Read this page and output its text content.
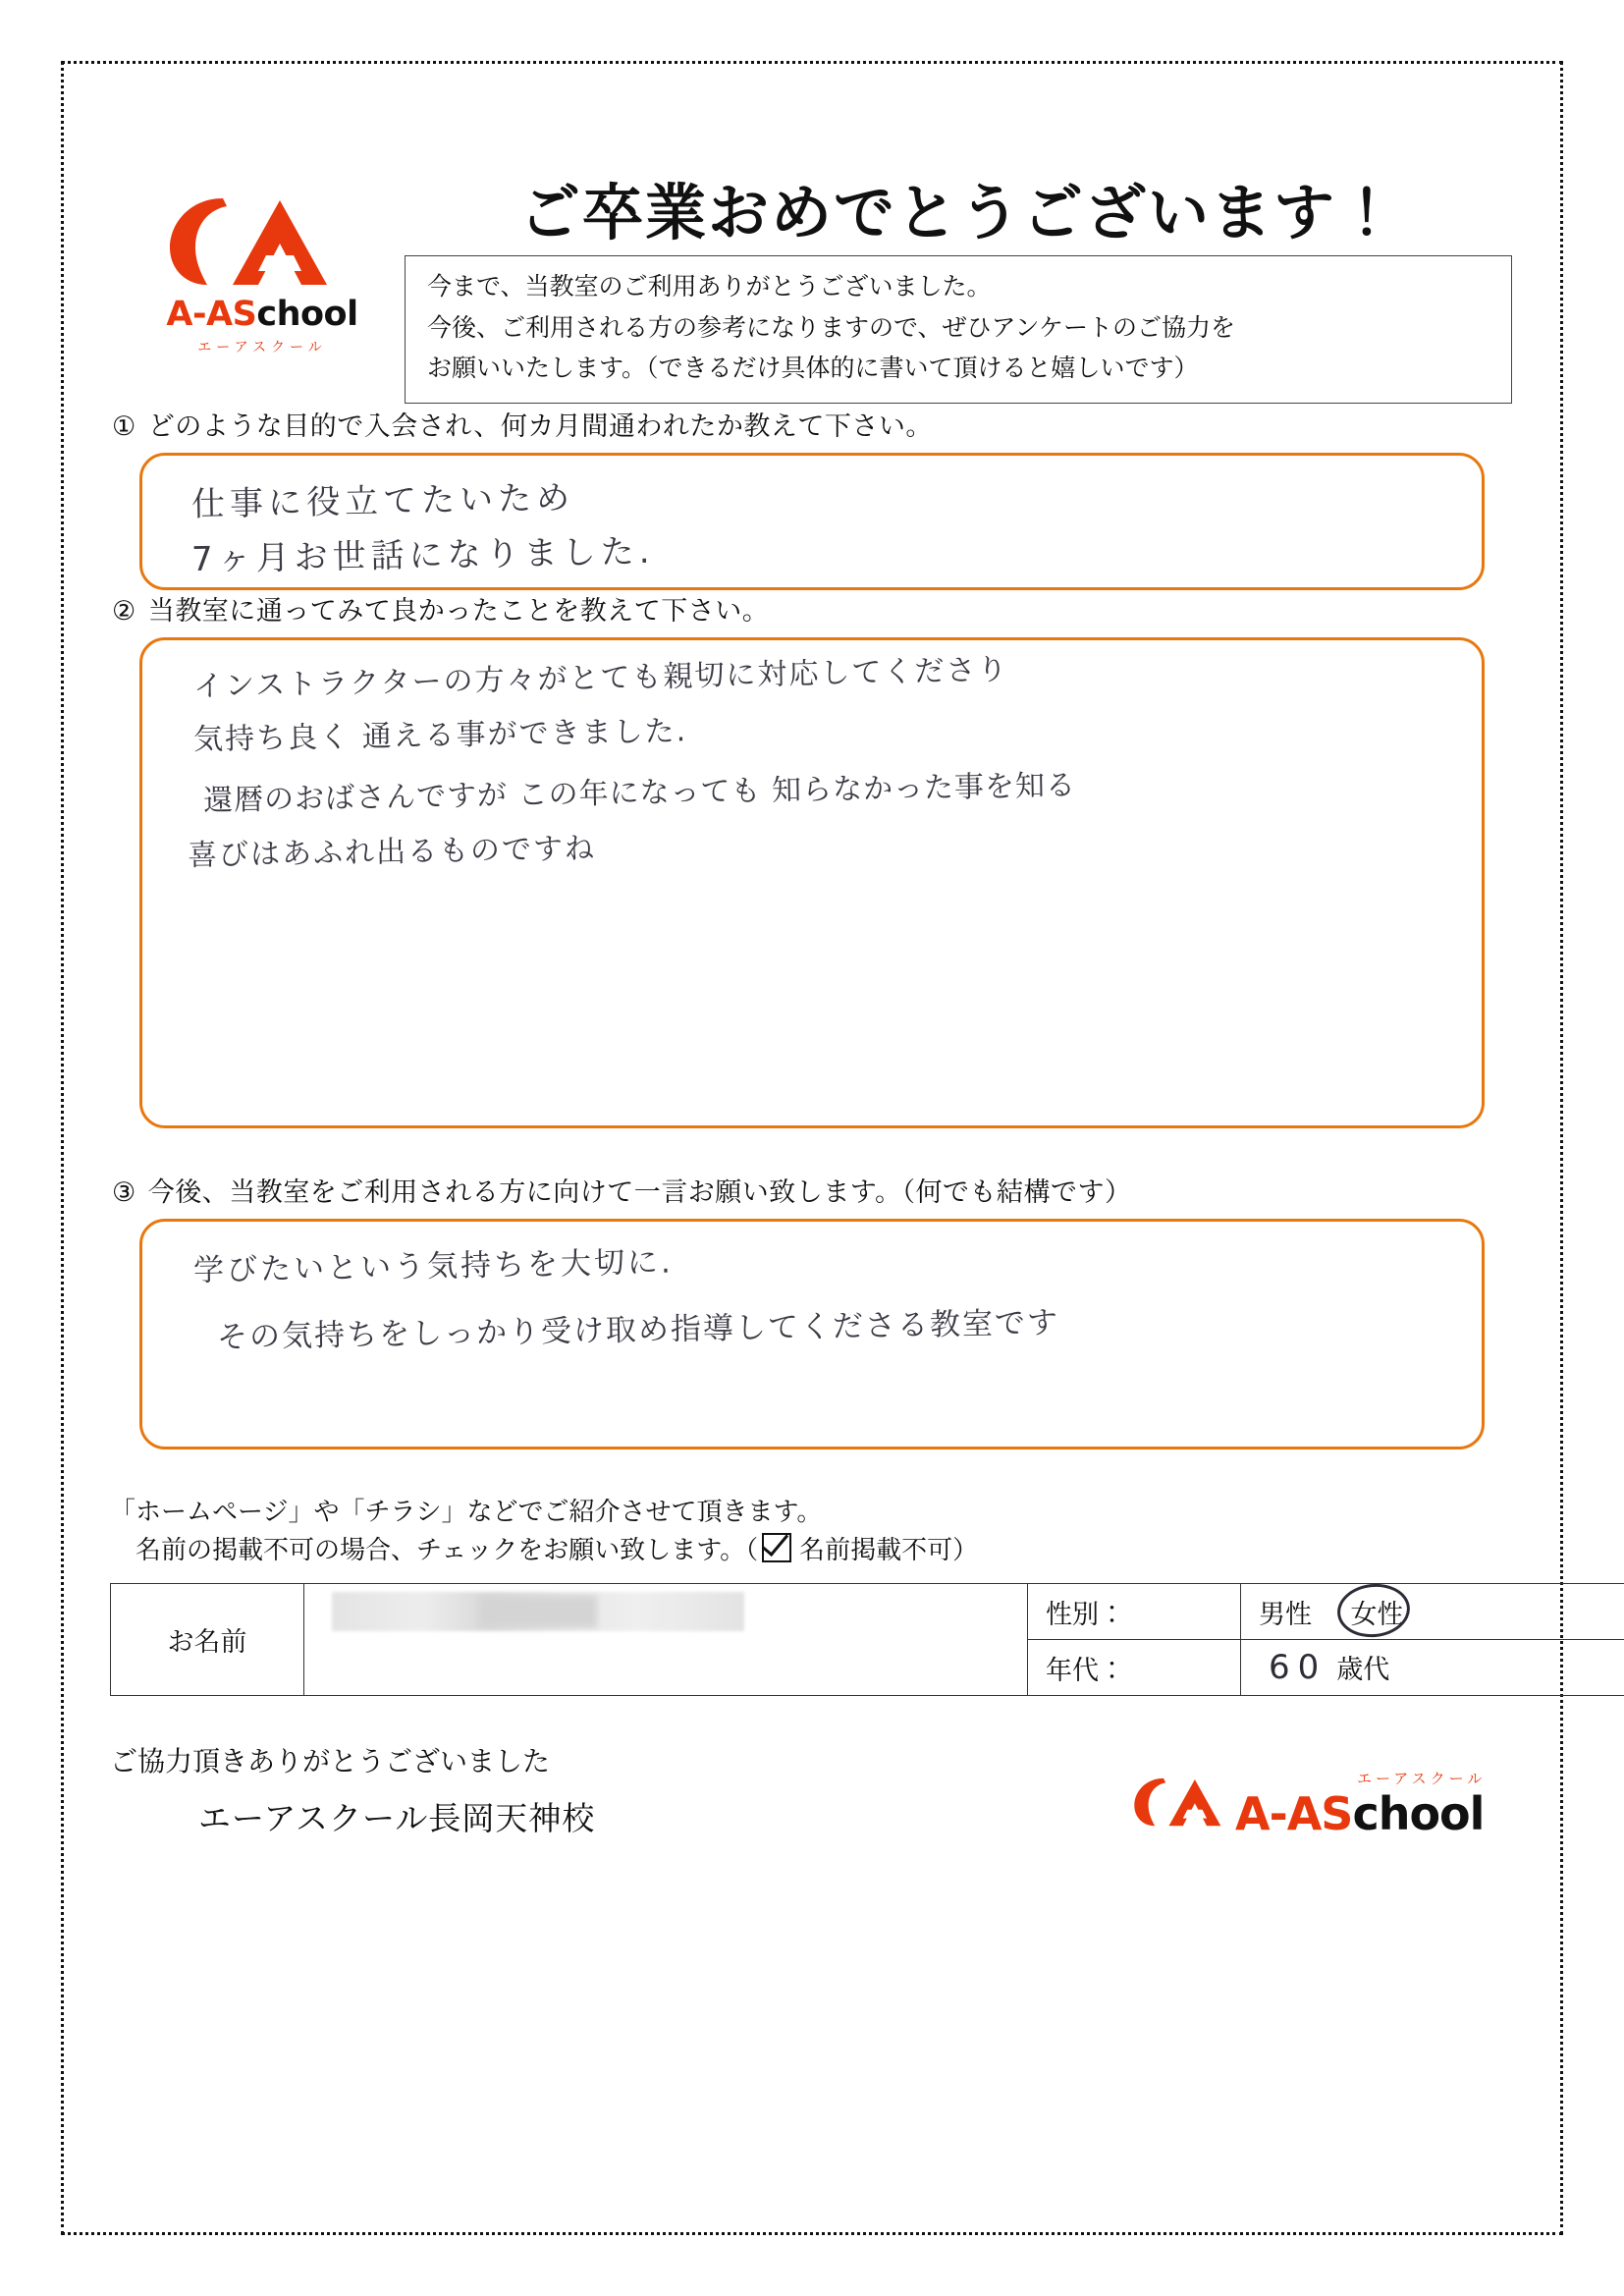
A-ASchool
エーアスクール
ご卒業おめでとうございます！

今まで、当教室のご利用ありがとうございました。

今後、ご利用される方の参考になりますので、ぜひアンケートのご協力を

お願いいたします。（できるだけ具体的に書いて頂けると嬉しいです）

① どのような目的で入会され、何カ月間通われたか教えて下さい。
仕事に役立てたいため
7ヶ月お世話になりました.
② 当教室に通ってみて良かったことを教えて下さい。
インストラクターの方々がとても親切に対応してくださり
気持ち良く 通える事ができました.
還暦のおばさんですが この年になっても 知らなかった事を知る
喜びはあふれ出るものですね
③ 今後、当教室をご利用される方に向けて一言お願い致します。（何でも結構です）
学びたいという気持ちを大切に.
その気持ちをしっかり受け取め指導してくださる教室です
「ホームページ」や「チラシ」などでご紹介させて頂きます。
名前の掲載不可の場合、チェックをお願い致します。（ 名前掲載不可）
お名前		性別：	男性 女性
		年代：	60 歳代
ご協力頂きありがとうございました
エーアスクール長岡天神校	A-ASchool
エーアスクール
